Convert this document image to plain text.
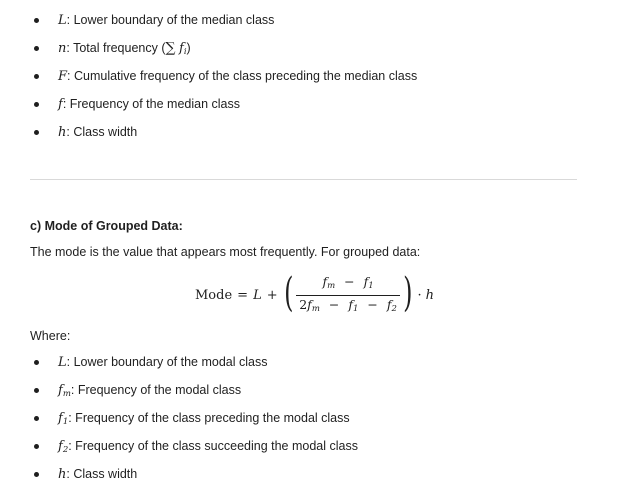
L: Lower boundary of the median class
n: Total frequency (∑ fi)
F: Cumulative frequency of the class preceding the median class
f: Frequency of the median class
h: Class width
c) Mode of Grouped Data:
The mode is the value that appears most frequently. For grouped data:
Mode = L + ( $\frac{fm - f1}{2fm - f1 - f2}$ ) · h
Where:
L: Lower boundary of the modal class
fm: Frequency of the modal class
f1: Frequency of the class preceding the modal class
f2: Frequency of the class succeeding the modal class
h: Class width
